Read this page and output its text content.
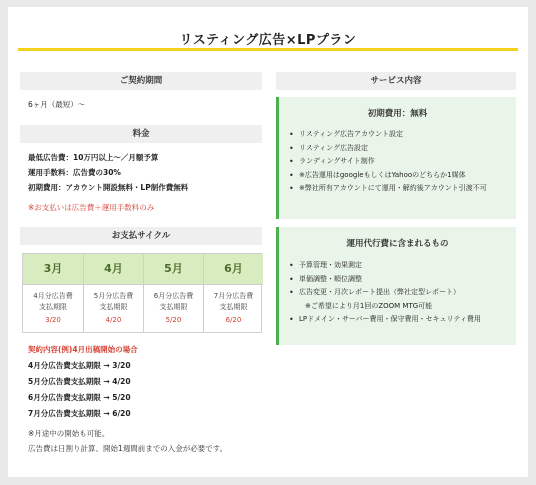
リスティング広告×LPプラン
ご契約期間
6ヶ月（最短）〜
料金
最低広告費：10万円以上〜／月額予算
運用手数料：広告費の30%
初期費用：アカウント開設無料・LP制作費無料
※お支払いは広告費＋運用手数料のみ
お支払サイクル
3月
4月分広告費
支払期限
3/20
4月
5月分広告費
支払期限
4/20
5月
6月分広告費
支払期限
5/20
6月
7月分広告費
支払期限
6/20
契約内容(例)4月出稿開始の場合
4月分広告費支払期限 → 3/20
5月分広告費支払期限 → 4/20
6月分広告費支払期限 → 5/20
7月分広告費支払期限 → 6/20
※月途中の開始も可能。
広告費は日割り計算、開始1週間前までの入金が必要です。
サービス内容
初期費用：無料
• リスティング広告アカウント設定
• リスティング広告設定
• ランディングサイト制作
• ※広告運用はgoogleもしくはYahooのどちらか1媒体
• ※弊社所有アカウントにて運用・解約後アカウント引渡不可
運用代行費に含まれるもの
• 予算管理・効果測定
• 単価調整・順位調整
• 広告変更・月次レポート提出（弊社定型レポート）
※ご希望により月1回のZOOM MTG可能
• LPドメイン・サーバー費用・保守費用・セキュリティ費用
